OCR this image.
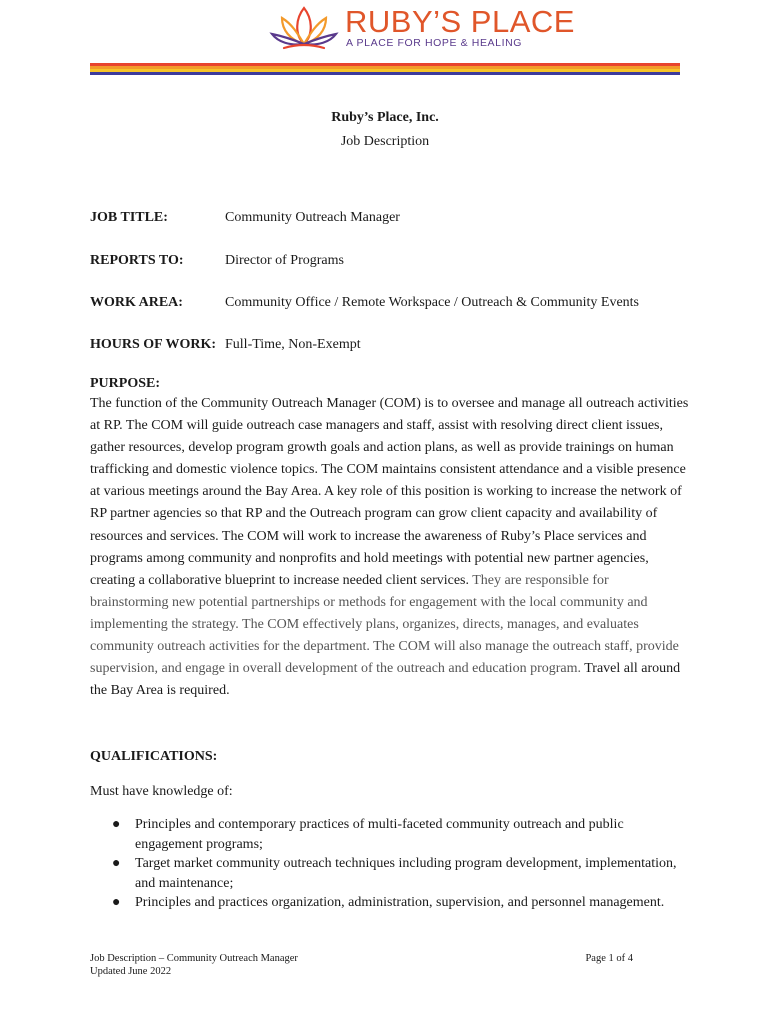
RUBY’S PLACE
A PLACE FOR HOPE & HEALING
Ruby’s Place, Inc.
Job Description
JOB TITLE:	Community Outreach Manager
REPORTS TO:	Director of Programs
WORK AREA:	Community Office / Remote Workspace / Outreach & Community Events
HOURS OF WORK: Full-Time, Non-Exempt
PURPOSE:
The function of the Community Outreach Manager (COM) is to oversee and manage all outreach activities at RP. The COM will guide outreach case managers and staff, assist with resolving direct client issues, gather resources, develop program growth goals and action plans, as well as provide trainings on human trafficking and domestic violence topics. The COM maintains consistent attendance and a visible presence at various meetings around the Bay Area. A key role of this position is working to increase the network of RP partner agencies so that RP and the Outreach program can grow client capacity and availability of resources and services. The COM will work to increase the awareness of Ruby’s Place services and programs among community and nonprofits and hold meetings with potential new partner agencies, creating a collaborative blueprint to increase needed client services. They are responsible for brainstorming new potential partnerships or methods for engagement with the local community and implementing the strategy. The COM effectively plans, organizes, directs, manages, and evaluates community outreach activities for the department. The COM will also manage the outreach staff, provide supervision, and engage in overall development of the outreach and education program. Travel all around the Bay Area is required.
QUALIFICATIONS:
Must have knowledge of:
● Principles and contemporary practices of multi-faceted community outreach and public engagement programs;
● Target market community outreach techniques including program development, implementation, and maintenance;
● Principles and practices organization, administration, supervision, and personnel management.
Job Description – Community Outreach Manager
Updated June 2022
Page 1 of 4
